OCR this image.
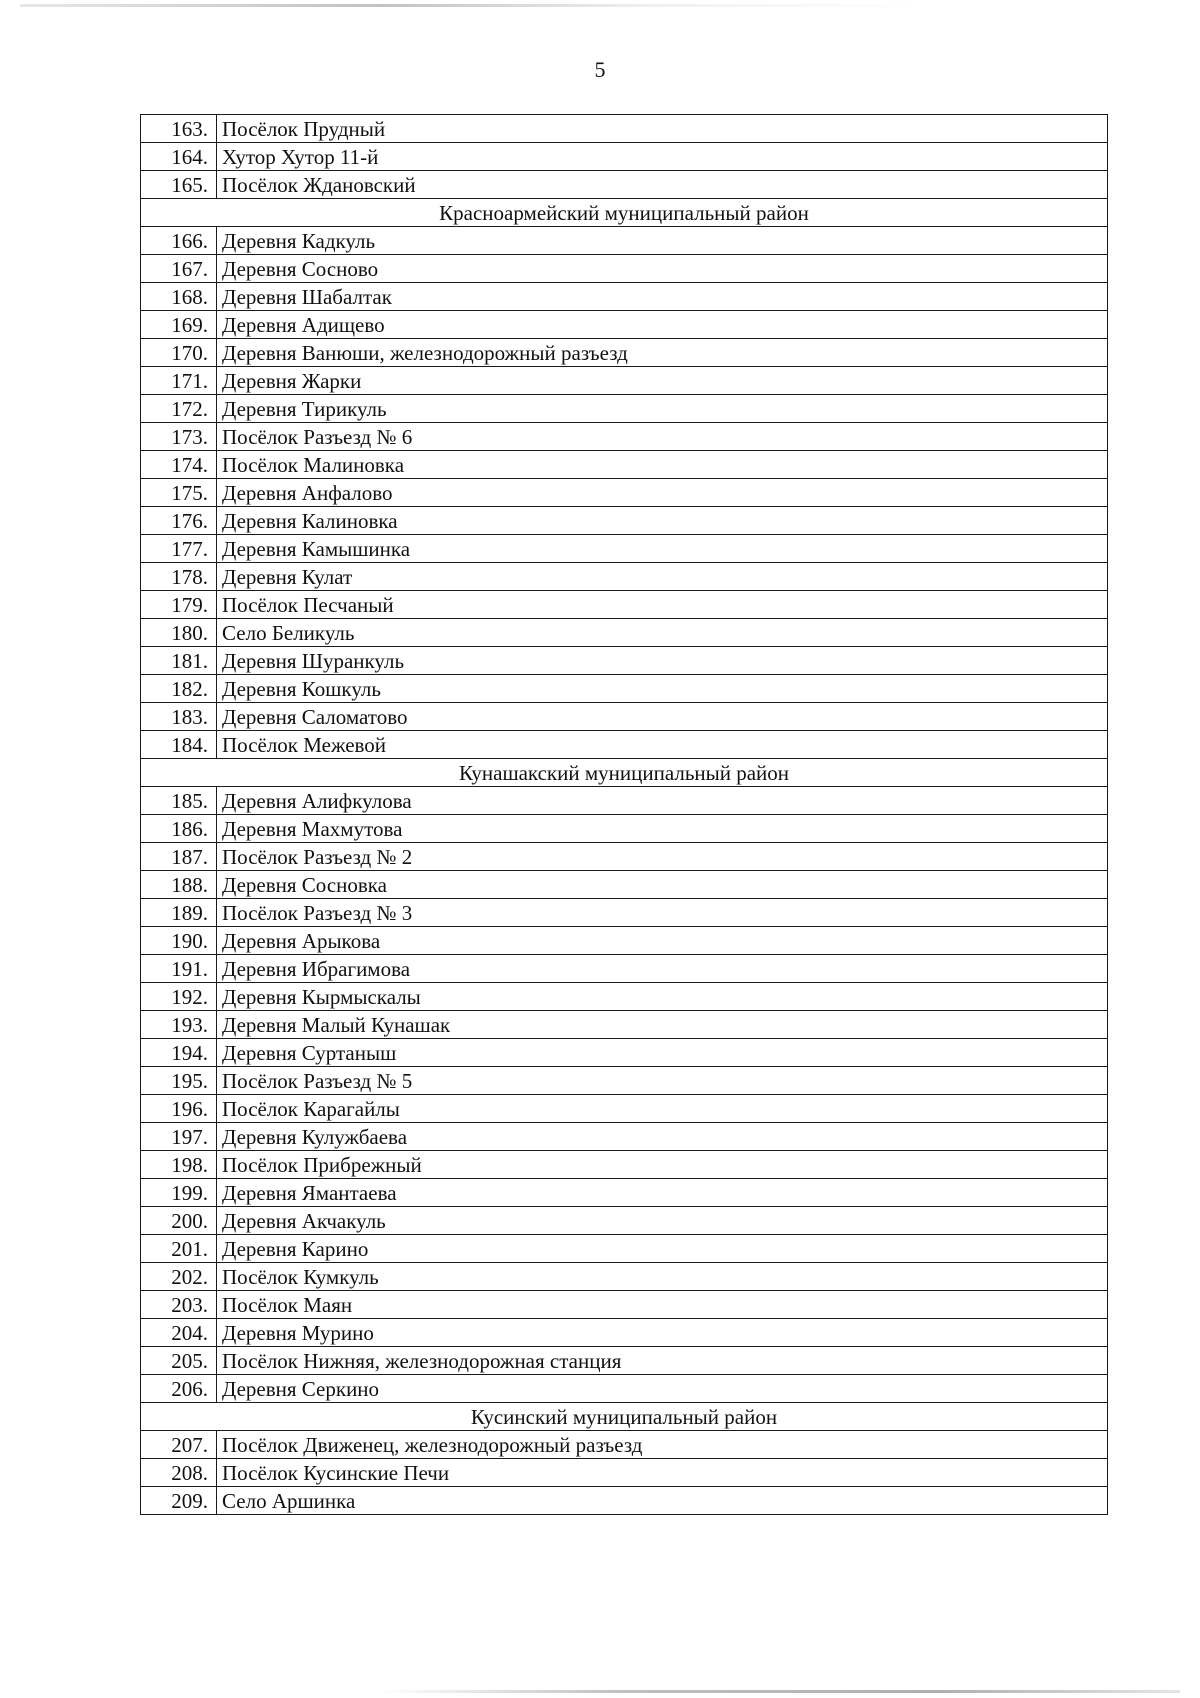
5
163.	Посёлок Прудный
164.	Хутор Хутор 11-й
165.	Посёлок Ждановский
Красноармейский муниципальный район	
166.	Деревня Кадкуль
167.	Деревня Сосново
168.	Деревня Шабалтак
169.	Деревня Адищево
170.	Деревня Ванюши, железнодорожный разъезд
171.	Деревня Жарки
172.	Деревня Тирикуль
173.	Посёлок Разъезд № 6
174.	Посёлок Малиновка
175.	Деревня Анфалово
176.	Деревня Калиновка
177.	Деревня Камышинка
178.	Деревня Кулат
179.	Посёлок Песчаный
180.	Село Беликуль
181.	Деревня Шуранкуль
182.	Деревня Кошкуль
183.	Деревня Саломатово
184.	Посёлок Межевой
Кунашакский муниципальный район	
185.	Деревня Алифкулова
186.	Деревня Махмутова
187.	Посёлок Разъезд № 2
188.	Деревня Сосновка
189.	Посёлок Разъезд № 3
190.	Деревня Арыкова
191.	Деревня Ибрагимова
192.	Деревня Кырмыскалы
193.	Деревня Малый Кунашак
194.	Деревня Суртаныш
195.	Посёлок Разъезд № 5
196.	Посёлок Карагайлы
197.	Деревня Кулужбаева
198.	Посёлок Прибрежный
199.	Деревня Ямантаева
200.	Деревня Акчакуль
201.	Деревня Карино
202.	Посёлок Кумкуль
203.	Посёлок Маян
204.	Деревня Мурино
205.	Посёлок Нижняя, железнодорожная станция
206.	Деревня Серкино
Кусинский муниципальный район	
207.	Посёлок Движенец, железнодорожный разъезд
208.	Посёлок Кусинские Печи
209.	Село Аршинка
